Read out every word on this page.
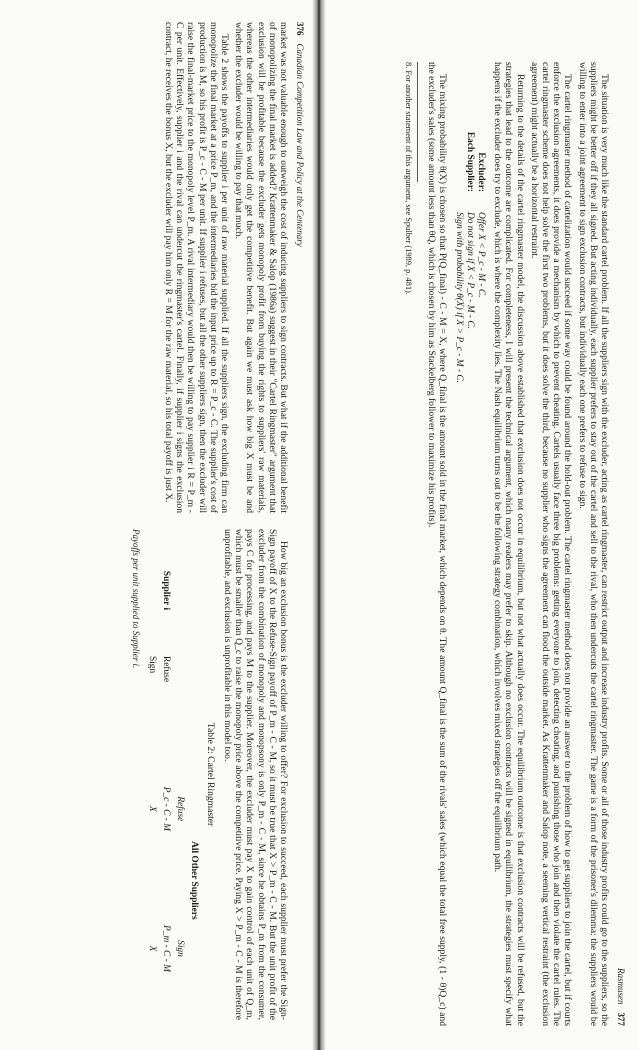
376
Canadian Competition Law and Policy at the Centenary

market was not valuable enough to outweigh the cost of inducing suppliers to sign contracts. But what if the additional benefit of monopolizing the final market is added? Krattenmaker & Salop (1986a) suggest in their "Cartel Ringmaster" argument that exclusion will be profitable because the excluder gets monopoly profit from buying the rights to suppliers' raw materials, whereas the other intermediaries would only get the competitive benefit. But again we must ask how big X must be and whether the excluder would be willing to pay that much.

Table 2 shows the payoffs to supplier i per unit of raw material supplied. If all the suppliers sign, the excluding firm can monopolize the final market at a price P_m, and the intermediaries bid the input price up to R = P_c - C. The supplier's cost of production is M, so his profit is P_c - C - M per unit. If supplier i refuses, but all the other suppliers sign, then the excluder will raise the final-market price to the monopoly level P_m. A rival intermediary would then be willing to pay supplier i R = P_m - C per unit. Effectively, supplier i and the rival can undercut the ringmaster's cartel. Finally, if supplier i signs the exclusion contract, he receives the bonus X, but the excluder will pay him only R = M for the raw material, so his total payoff is just X.

How big an exclusion bonus is the excluder willing to offer? For exclusion to succeed, each supplier must prefer the Sign-Sign payoff of X to the Refuse-Sign payoff of P_m - C - M, so it must be true that X > P_m - C - M. But the unit profit of the excluder from the combination of monopoly and monopsony is only P_m - C - M, since he obtains P_m from the consumer, pays C for processing, and pays M to the supplier. Moreover, the excluder must pay X to gain control of each unit of Q_m, which must be smaller than Q_c to raise the monopoly price above the competitive price. Paying X > P_m - C - M is therefore unprofitable, and exclusion is unprofitable in this model too.

Table 2: Cartel Ringmaster
		All Other Suppliers	
		Refuse	Sign
Supplier i	Refuse	P_c - C - M	P_m - C - M
	Sign	X	X
Payoffs per unit supplied to Supplier i.
Rasmusen
377

The situation is very much like the standard cartel problem. If all the suppliers sign with the excluder, acting as cartel ringmaster, can restrict output and increase industry profits. Some or all of those industry profits could go to the suppliers, so the suppliers might be better off if they all signed. But acting individually, each supplier prefers to stay out of the cartel and sell to the rival, who then undercuts the cartel ringmaster. The game is a form of the prisoner's dilemma: the suppliers would be willing to enter into a joint agreement to sign exclusion contracts, but individually each one prefers to refuse to sign.

The cartel ringmaster method of cartelization would succeed if some way could be found around the hold-out problem. The cartel ringmaster method does not provide an answer to the problem of how to get suppliers to join the cartel, but if courts enforce the exclusion agreements, it does provide a mechanism by which to prevent cheating. Cartels usually face three big problems: getting everyone to join, detecting cheating, and punishing those who join and then violate the cartel rules. The cartel ringmaster scheme does not help solve the first two problems, but it does solve the third, because no supplier who signs the agreement can flood the outside market. As Krattenmaker and Salop note, a seeming vertical restraint (the exclusion agreement) might actually be a horizontal restraint.

Returning to the details of the cartel ringmaster model, the discussion above established that exclusion does not occur in equilibrium, but not what actually does occur. The equilibrium outcome is that exclusion contracts will be refused, but the strategies that lead to the outcome are complicated. For completeness, I will present the technical argument, which many readers may prefer to skip. Although no exclusion contracts will be signed in equilibrium, the strategies must specify what happens if the excluder does try to exclude, which is where the complexity lies. The Nash equilibrium turns out to be the following strategy combination, which involves mixed strategies off the equilibrium path.

Excluder:
Offer X < P_c - M - C.
Each Supplier:
Do not sign if X < P_c - M - C.
Sign with probability θ(X) if X > P_c - M - C.

The mixing probability θ(X) is chosen so that P(Q_final) - C - M = X, where Q_final is the amount sold in the final market, which depends on θ. The amount Q_final is the sum of the rivals' sales (which equal the total free supply, (1 - θ)Q_c) and the excluder's sales (some amount less than θQ, which is chosen by him as Stackelberg follower to maximize his profits).

8. For another statement of this argument, see Spulber (1989, p. 481).
